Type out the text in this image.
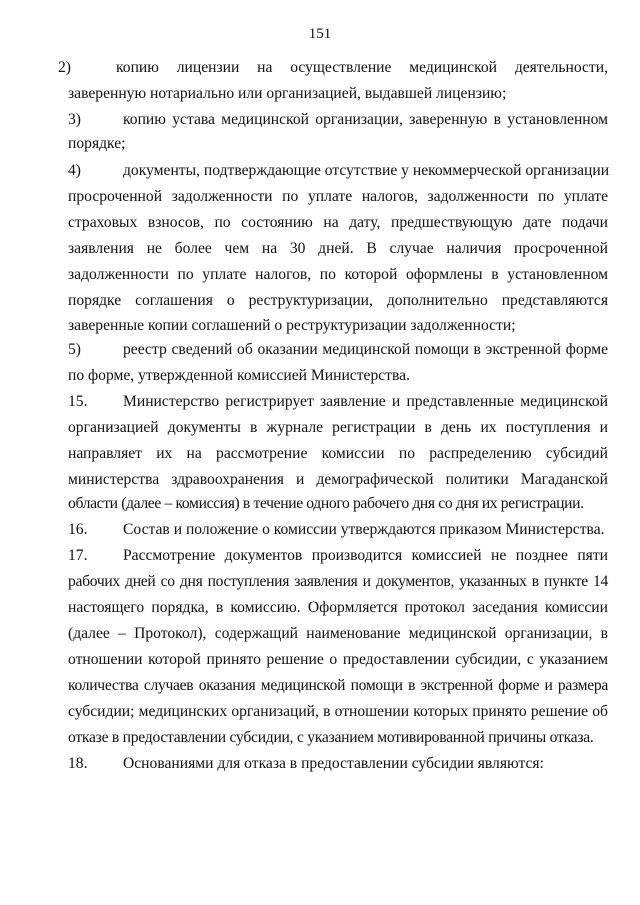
151
2)	копию лицензии на осуществление медицинской деятельности,
заверенную нотариально или организацией, выдавшей лицензию;
3)	копию устава медицинской организации, заверенную в установленном
порядке;
4)	документы, подтверждающие отсутствие у некоммерческой организации
просроченной задолженности по уплате налогов, задолженности по уплате
страховых взносов, по состоянию на дату, предшествующую дате подачи
заявления не более чем на 30 дней. В случае наличия просроченной
задолженности по уплате налогов, по которой оформлены в установленном
порядке соглашения о реструктуризации, дополнительно представляются
заверенные копии соглашений о реструктуризации задолженности;
5)	реестр сведений об оказании медицинской помощи в экстренной форме
по форме, утвержденной комиссией Министерства.
15. Министерство регистрирует заявление и представленные медицинской
организацией документы в журнале регистрации в день их поступления и
направляет их на рассмотрение комиссии по распределению субсидий
министерства здравоохранения и демографической политики Магаданской
области (далее – комиссия) в течение одного рабочего дня со дня их регистрации.
16. Состав и положение о комиссии утверждаются приказом Министерства.
17. Рассмотрение документов производится комиссией не позднее пяти
рабочих дней со дня поступления заявления и документов, указанных в пункте 14
настоящего порядка, в комиссию. Оформляется протокол заседания комиссии
(далее – Протокол), содержащий наименование медицинской организации, в
отношении которой принято решение о предоставлении субсидии, с указанием
количества случаев оказания медицинской помощи в экстренной форме и размера
субсидии; медицинских организаций, в отношении которых принято решение об
отказе в предоставлении субсидии, с указанием мотивированной причины отказа.
18. Основаниями для отказа в предоставлении субсидии являются:
